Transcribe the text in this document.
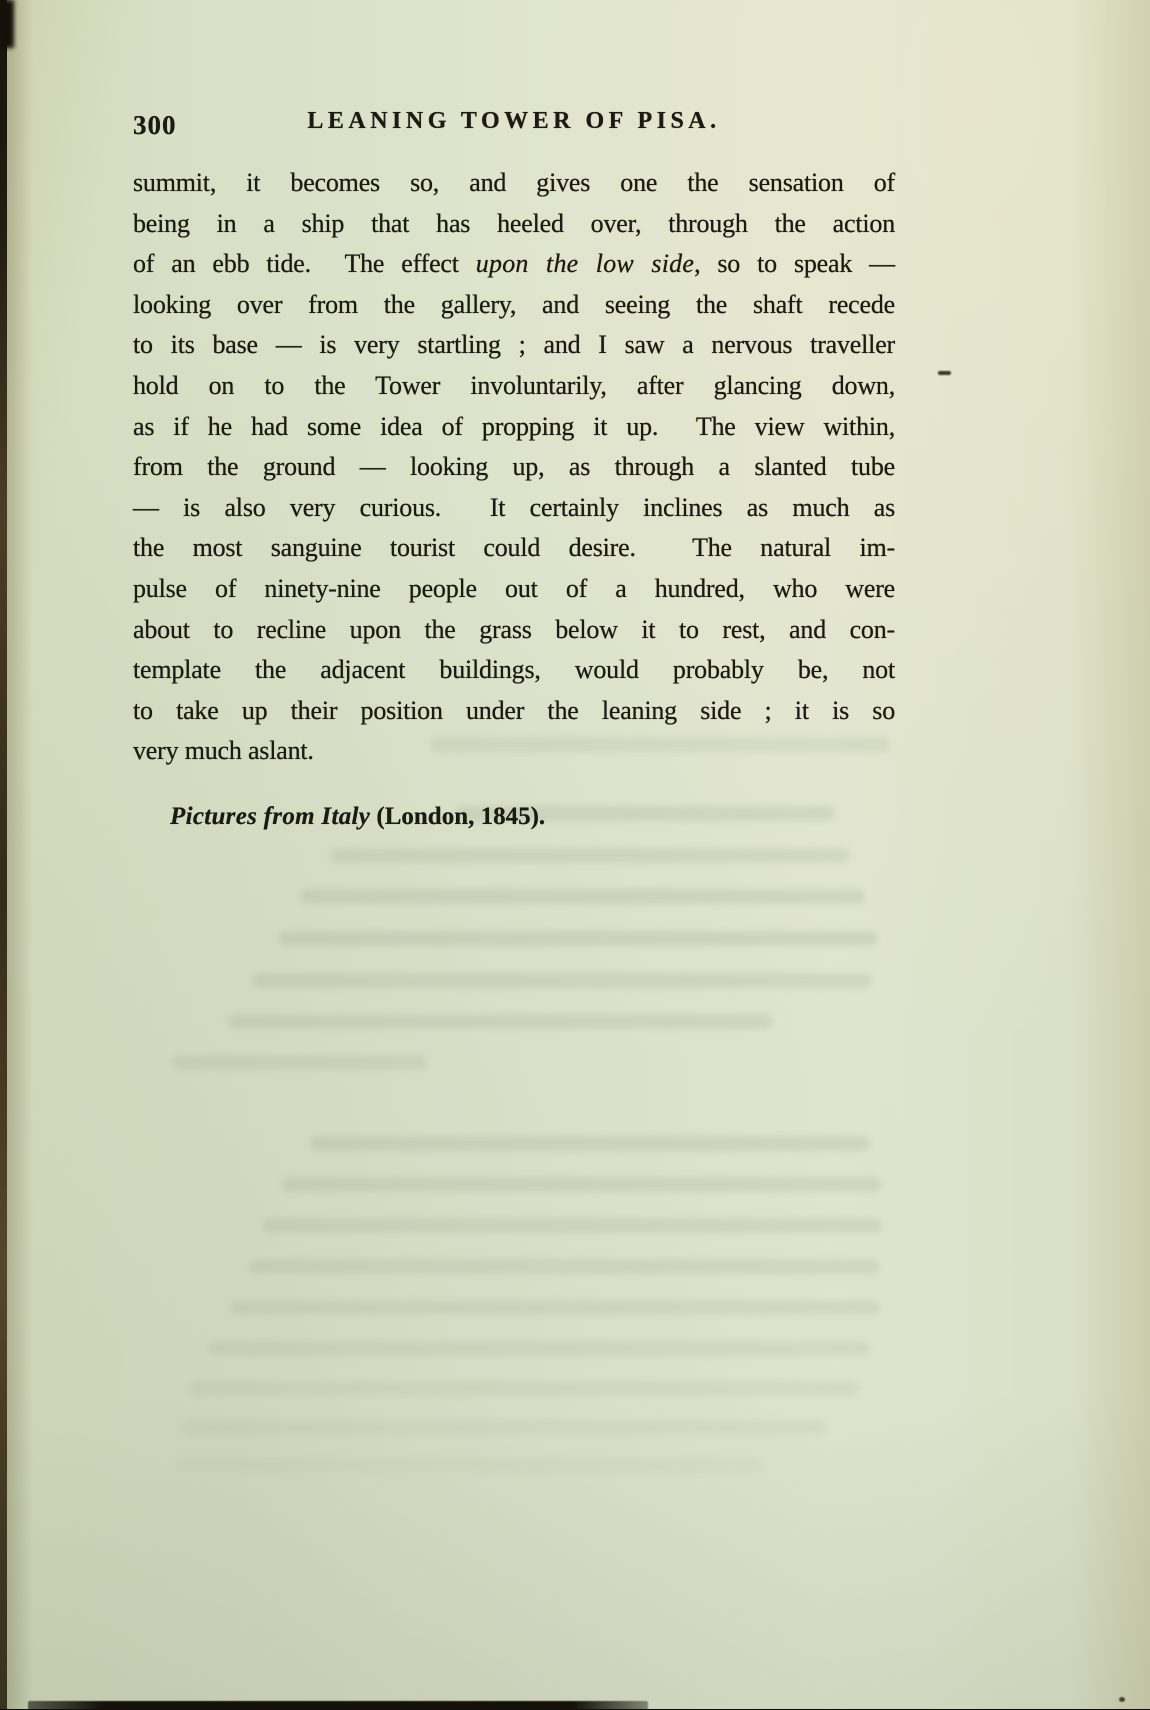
300	LEANING TOWER OF PISA.
summit, it becomes so, and gives one the sensation of
being in a ship that has heeled over, through the action
of an ebb tide.  The effect upon the low side, so to speak —
looking over from the gallery, and seeing the shaft recede
to its base — is very startling ; and I saw a nervous traveller
hold on to the Tower involuntarily, after glancing down,
as if he had some idea of propping it up.  The view within,
from the ground — looking up, as through a slanted tube
— is also very curious.  It certainly inclines as much as
the most sanguine tourist could desire.  The natural im-
pulse of ninety-nine people out of a hundred, who were
about to recline upon the grass below it to rest, and con-
template the adjacent buildings, would probably be, not
to take up their position under the leaning side ; it is so
very much aslant.
Pictures from Italy (London, 1845).
